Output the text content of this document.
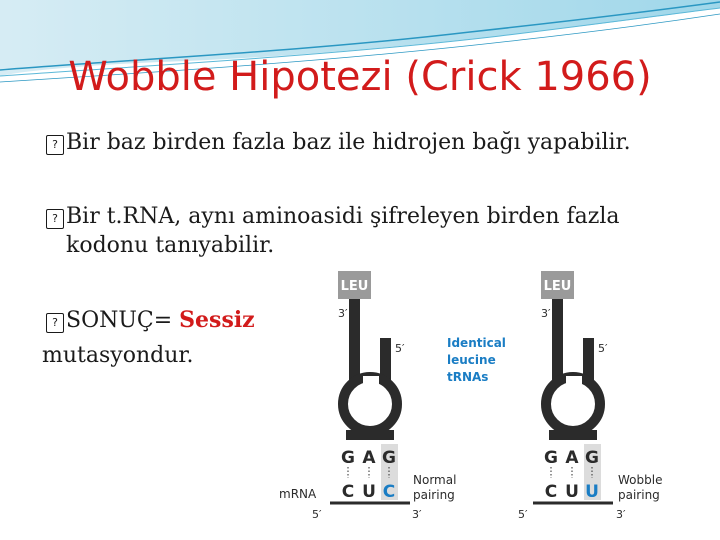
Wobble Hipotezi (Crick 1966)
? Bir baz birden fazla baz ile hidrojen bağı yapabilir.
? Bir t.RNA, aynı aminoasidi şifreleyen birden fazla
kodonu tanıyabilir.
? SONUÇ= Sessiz
mutasyondur.
LEU
3′
5′
G A G
C U C
mRNA
5′	3′
Normal
pairing
Identical
leucine
tRNAs
LEU
3′
5′
G A G
C U U
5′	3′
Wobble
pairing
